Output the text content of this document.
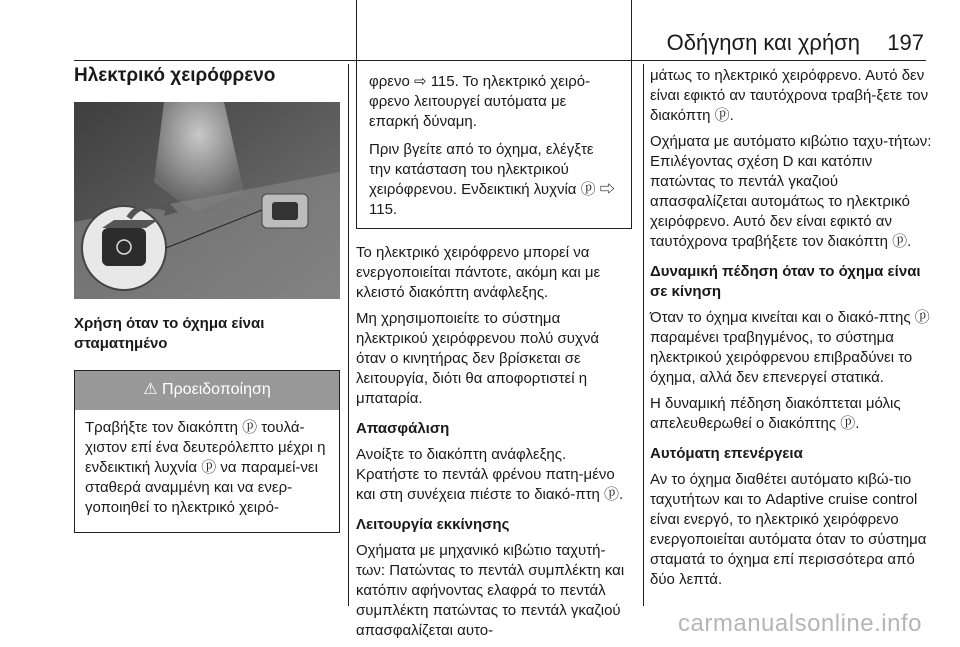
Οδήγηση και χρήση 197
Ηλεκτρικό χειρόφρενο
Χρήση όταν το όχημα είναι σταματημένο
⚠ Προειδοποίηση
Τραβήξτε τον διακόπτη ⓟ τουλά-χιστον επί ένα δευτερόλεπτο μέχρι η ενδεικτική λυχνία ⓟ να παραμεί-νει σταθερά αναμμένη και να ενερ-γοποιηθεί το ηλεκτρικό χειρό-

φρενο ⇨ 115. Το ηλεκτρικό χειρό-φρενο λειτουργεί αυτόματα με επαρκή δύναμη.

Πριν βγείτε από το όχημα, ελέγξτε την κατάσταση του ηλεκτρικού χειρόφρενου. Ενδεικτική λυχνία ⓟ ⇨ 115.

Το ηλεκτρικό χειρόφρενο μπορεί να ενεργοποιείται πάντοτε, ακόμη και με κλειστό διακόπτη ανάφλεξης.

Μη χρησιμοποιείτε το σύστημα ηλεκτρικού χειρόφρενου πολύ συχνά όταν ο κινητήρας δεν βρίσκεται σε λειτουργία, διότι θα αποφορτιστεί η μπαταρία.

Απασφάλιση

Ανοίξτε το διακόπτη ανάφλεξης. Κρατήστε το πεντάλ φρένου πατη-μένο και στη συνέχεια πιέστε το διακό-πτη ⓟ.

Λειτουργία εκκίνησης

Οχήματα με μηχανικό κιβώτιο ταχυτή-των: Πατώντας το πεντάλ συμπλέκτη και κατόπιν αφήνοντας ελαφρά το πεντάλ συμπλέκτη πατώντας το πεντάλ γκαζιού απασφαλίζεται αυτο-

μάτως το ηλεκτρικό χειρόφρενο. Αυτό δεν είναι εφικτό αν ταυτόχρονα τραβή-ξετε τον διακόπτη ⓟ.

Οχήματα με αυτόματο κιβώτιο ταχυ-τήτων: Επιλέγοντας σχέση D και κατόπιν πατώντας το πεντάλ γκαζιού απασφαλίζεται αυτομάτως το ηλεκτρικό χειρόφρενο. Αυτό δεν είναι εφικτό αν ταυτόχρονα τραβήξετε τον διακόπτη ⓟ.

Δυναμική πέδηση όταν το όχημα είναι σε κίνηση

Όταν το όχημα κινείται και ο διακό-πτης ⓟ παραμένει τραβηγμένος, το σύστημα ηλεκτρικού χειρόφρενου επιβραδύνει το όχημα, αλλά δεν επενεργεί στατικά.

Η δυναμική πέδηση διακόπτεται μόλις απελευθερωθεί ο διακόπτης ⓟ.

Αυτόματη επενέργεια

Αν το όχημα διαθέτει αυτόματο κιβώ-τιο ταχυτήτων και το Adaptive cruise control είναι ενεργό, το ηλεκτρικό χειρόφρενο ενεργοποιείται αυτόματα όταν το σύστημα σταματά το όχημα επί περισσότερα από δύο λεπτά.

carmanualsonline.info
